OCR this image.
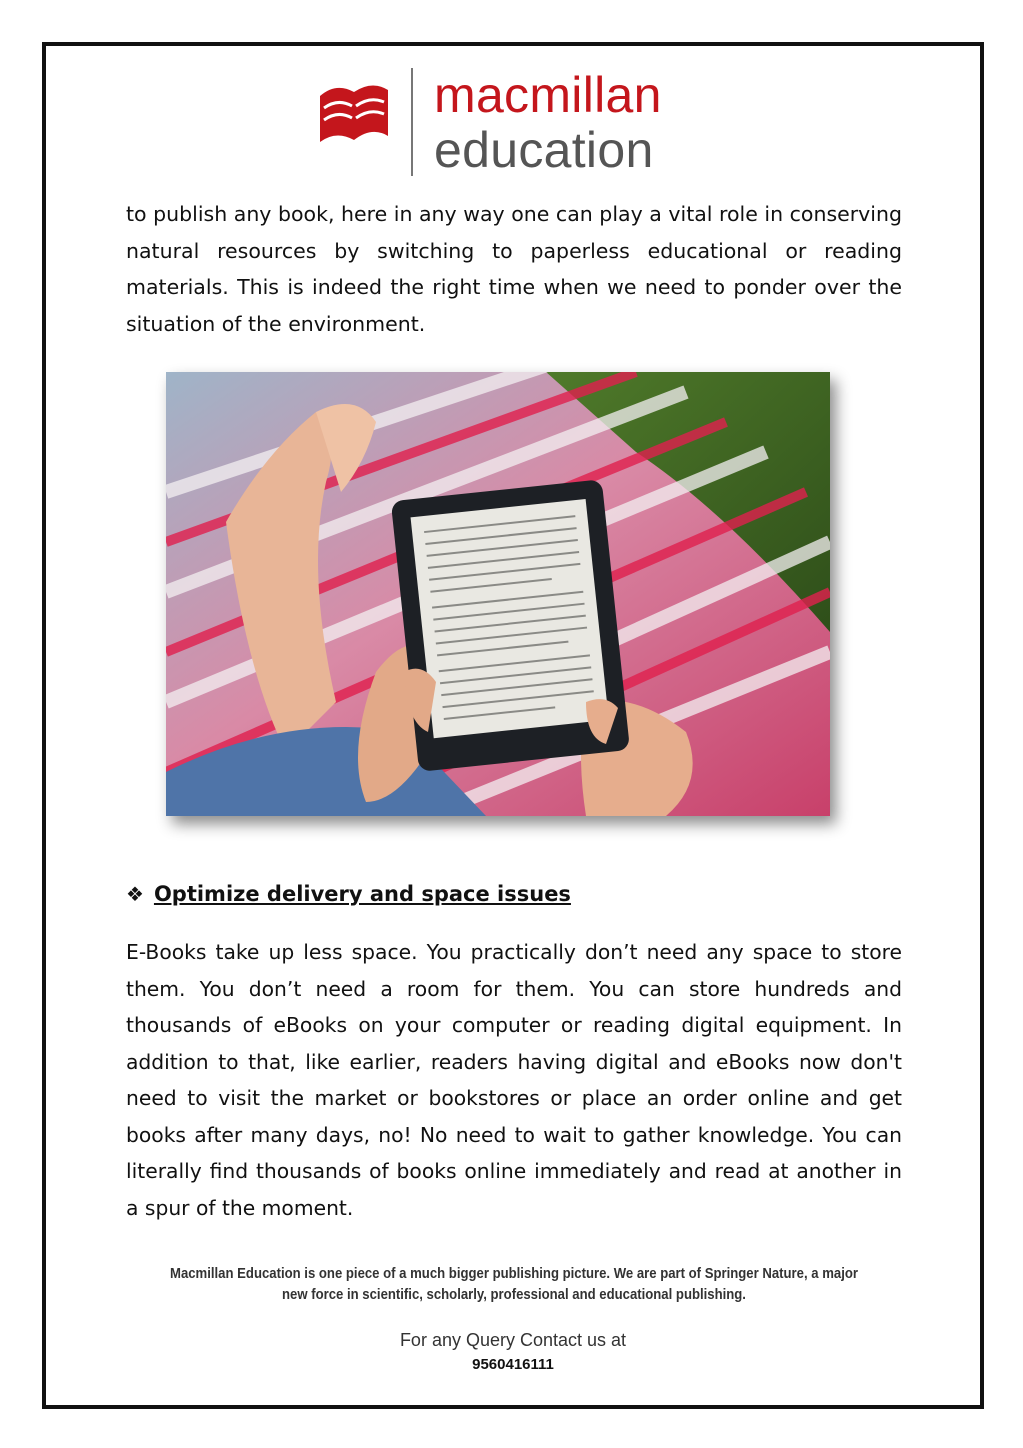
macmillan
education
to publish any book, here in any way one can play a vital role in conserving natural resources by switching to paperless educational or reading materials. This is indeed the right time when we need to ponder over the situation of the environment.
❖ Optimize delivery and space issues
E-Books take up less space. You practically don’t need any space to store them. You don’t need a room for them. You can store hundreds and thousands of eBooks on your computer or reading digital equipment. In addition to that, like earlier, readers having digital and eBooks now don't need to visit the market or bookstores or place an order online and get books after many days, no! No need to wait to gather knowledge. You can literally find thousands of books online immediately and read at another in a spur of the moment.
Macmillan Education is one piece of a much bigger publishing picture. We are part of Springer Nature, a major new force in scientific, scholarly, professional and educational publishing.
For any Query Contact us at
9560416111
